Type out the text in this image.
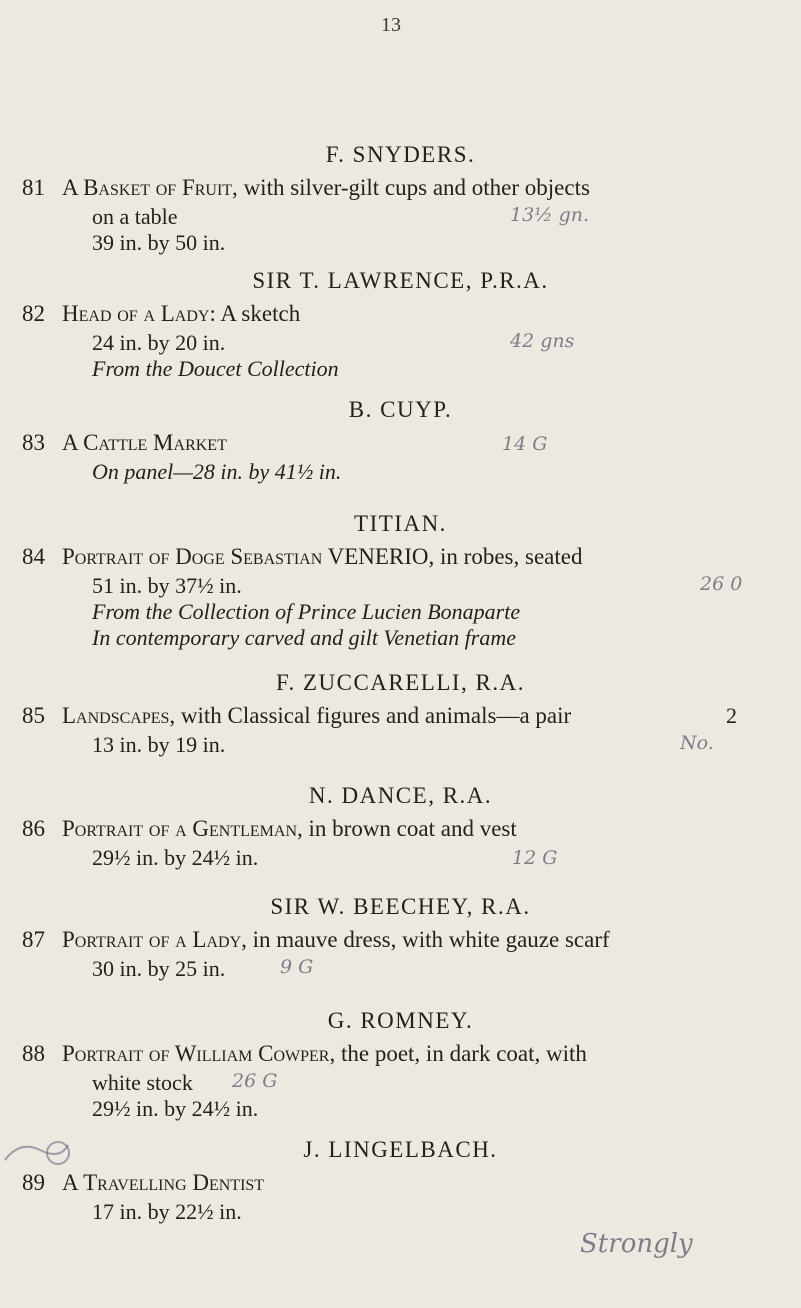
13
F. SNYDERS.
81 A Basket of Fruit, with silver-gilt cups and other objects
on a table
39 in. by 50 in.
13½ gn.
SIR T. LAWRENCE, P.R.A.
82 Head of a Lady: A sketch
24 in. by 20 in.
From the Doucet Collection
42 gns
B. CUYP.
83 A Cattle Market
On panel—28 in. by 41½ in.
14 G
TITIAN.
84 Portrait of Doge Sebastian VENERIO, in robes, seated
51 in. by 37½ in.
From the Collection of Prince Lucien Bonaparte
In contemporary carved and gilt Venetian frame
26 0
F. ZUCCARELLI, R.A.
85 Landscapes, with Classical figures and animals—a pair	2
13 in. by 19 in.	No.
N. DANCE, R.A.
86 Portrait of a Gentleman, in brown coat and vest
29½ in. by 24½ in.	12 G
SIR W. BEECHEY, R.A.
87 Portrait of a Lady, in mauve dress, with white gauze scarf
30 in. by 25 in.	9 G
G. ROMNEY.
88 Portrait of William Cowper, the poet, in dark coat, with
white stock
29½ in. by 24½ in.
26 G
J. LINGELBACH.
89 A Travelling Dentist
17 in. by 22½ in.
Strongly
